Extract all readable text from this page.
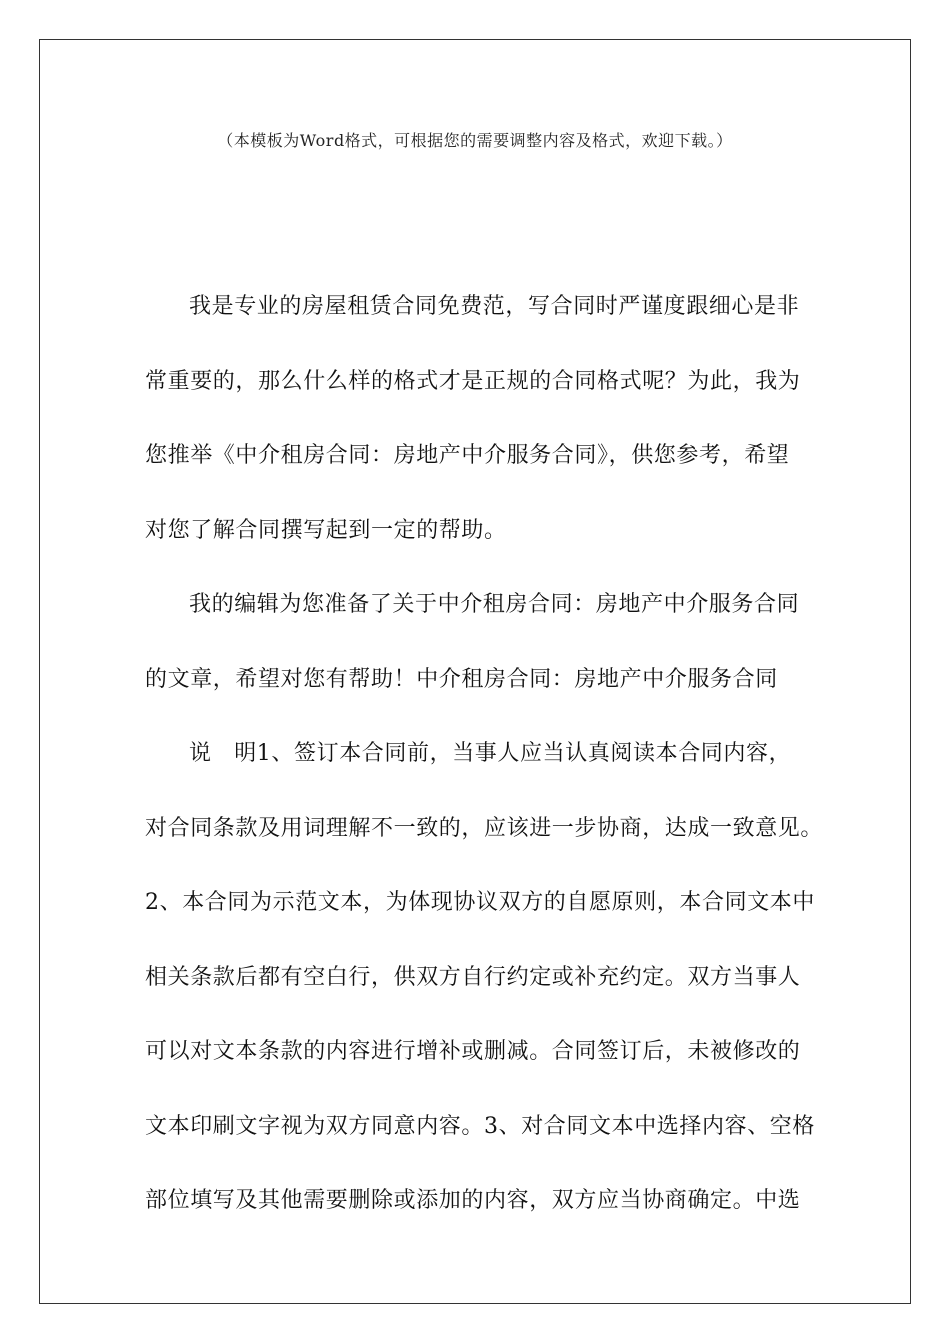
（本模板为Word格式，可根据您的需要调整内容及格式，欢迎下载。）
我是专业的房屋租赁合同免费范，写合同时严谨度跟细心是非
常重要的，那么什么样的格式才是正规的合同格式呢？为此，我为
您推举《中介租房合同：房地产中介服务合同》，供您参考，希望
对您了解合同撰写起到一定的帮助。
我的编辑为您准备了关于中介租房合同：房地产中介服务合同
的文章，希望对您有帮助！中介租房合同：房地产中介服务合同
说　明1、签订本合同前，当事人应当认真阅读本合同内容，
对合同条款及用词理解不一致的，应该进一步协商，达成一致意见。
2、本合同为示范文本，为体现协议双方的自愿原则，本合同文本中
相关条款后都有空白行，供双方自行约定或补充约定。双方当事人
可以对文本条款的内容进行增补或删减。合同签订后，未被修改的
文本印刷文字视为双方同意内容。3、对合同文本中选择内容、空格
部位填写及其他需要删除或添加的内容，双方应当协商确定。中选
